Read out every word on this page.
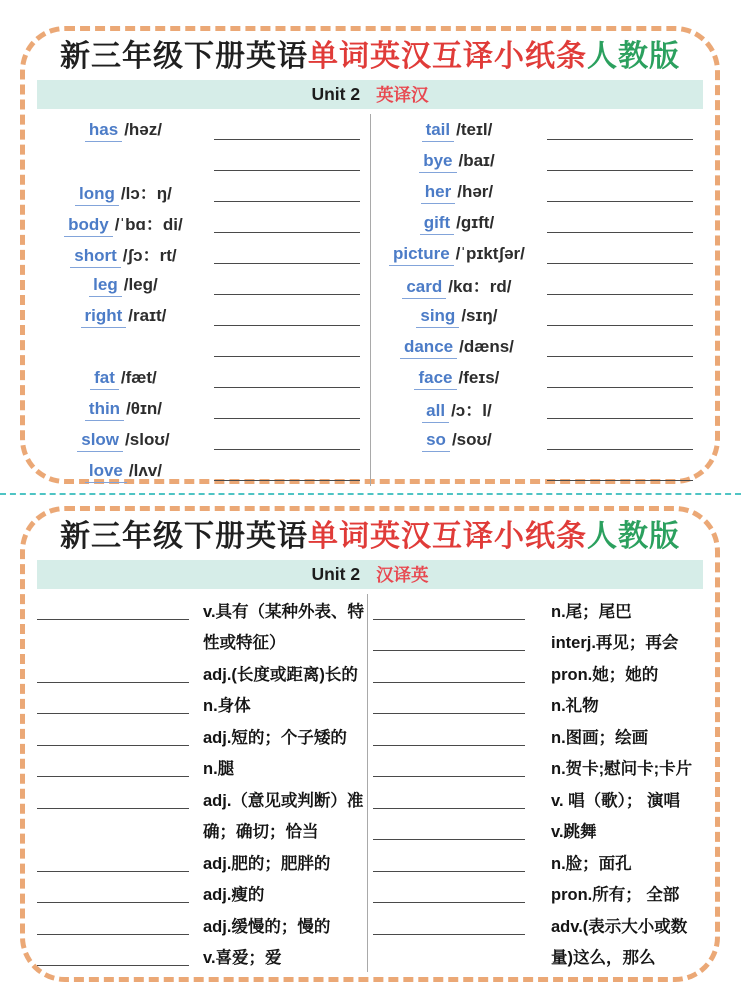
新三年级下册英语单词英汉互译小纸条人教版
Unit 2 英译汉
has /həz/
long /lɔ：ŋ/
body /ˈbɑ：di/
short /ʃɔ：rt/
leg /leg/
right /raɪt/
fat /fæt/
thin /θɪn/
slow /sloʊ/
love /lʌv/
tail /teɪl/
bye /baɪ/
her /hər/
gift /gɪft/
picture /ˈpɪktʃər/
card /kɑ：rd/
sing /sɪŋ/
dance /dæns/
face /feɪs/
all /ɔ：l/
so /soʊ/
新三年级下册英语单词英汉互译小纸条人教版
Unit 2 汉译英
v.具有（某种外表、特
性或特征）
adj.(长度或距离)长的
n.身体
adj.短的；个子矮的
n.腿
adj.（意见或判断）准
确；确切；恰当
adj.肥的；肥胖的
adj.瘦的
adj.缓慢的；慢的
v.喜爱；爱
n.尾；尾巴
interj.再见；再会
pron.她；她的
n.礼物
n.图画；绘画
n.贺卡;慰问卡;卡片
v. 唱（歌）； 演唱
v.跳舞
n.脸；面孔
pron.所有； 全部
adv.(表示大小或数
量)这么，那么
